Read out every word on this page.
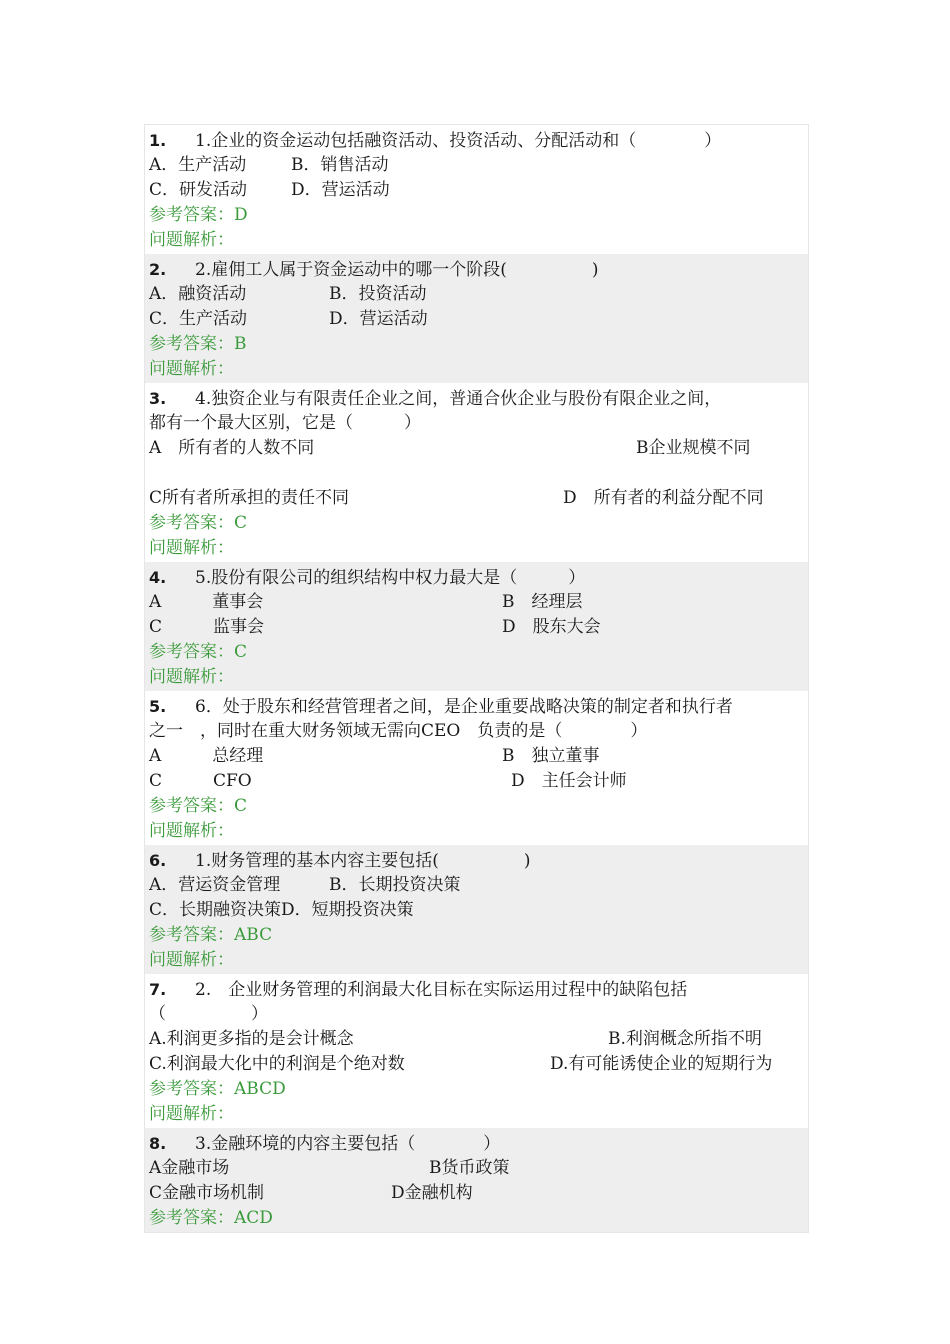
1. 1.企业的资金运动包括融资活动、投资活动、分配活动和（　　　　）
A．生产活动	B．销售活动
C．研发活动	D．营运活动
参考答案：D
问题解析：
2. 2.雇佣工人属于资金运动中的哪一个阶段(　　　　　)
A．融资活动	B．投资活动
C．生产活动	D．营运活动
参考答案：B
问题解析：
3. 4.独资企业与有限责任企业之间，普通合伙企业与股份有限企业之间，
都有一个最大区别，它是（　　　）
A　所有者的人数不同	B企业规模不同
C所有者所承担的责任不同	D　所有者的利益分配不同
参考答案：C
问题解析：
4. 5.股份有限公司的组织结构中权力最大是（　　　）
A　　　董事会	B　经理层
C　　　监事会	D　股东大会
参考答案：C
问题解析：
5. 6．处于股东和经营管理者之间，是企业重要战略决策的制定者和执行者
之一　，同时在重大财务领域无需向CEO　负责的是（　　　　）
A　　　总经理	B　独立董事
C　　　CFO	D　主任会计师
参考答案：C
问题解析：
6. 1.财务管理的基本内容主要包括(　　　　　)
A．营运资金管理	B．长期投资决策
C．长期融资决策D．短期投资决策
参考答案：ABC
问题解析：
7. 2.　企业财务管理的利润最大化目标在实际运用过程中的缺陷包括
（　　　　　）
A.利润更多指的是会计概念	B.利润概念所指不明
C.利润最大化中的利润是个绝对数	D.有可能诱使企业的短期行为
参考答案：ABCD
问题解析：
8. 3.金融环境的内容主要包括（　　　　）
A金融市场	B货币政策
C金融市场机制	D金融机构
参考答案：ACD
